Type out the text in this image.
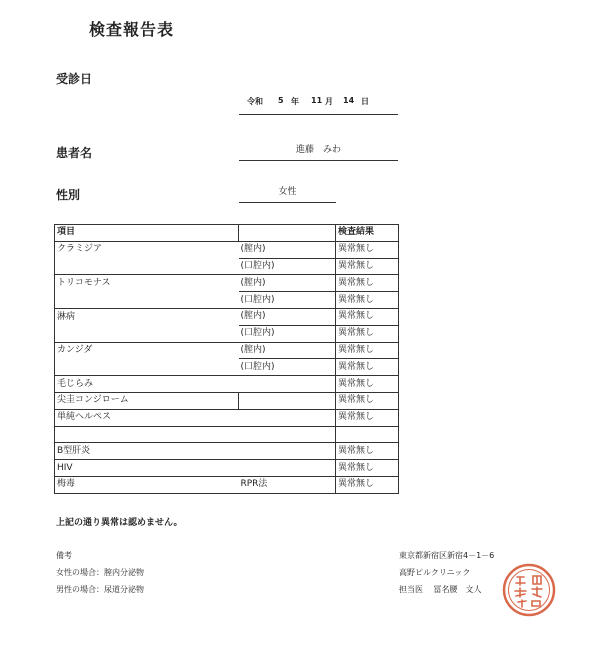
検査報告表
受診日
令和 5 年 11 月 14 日
患者名	進藤　みわ
性別	女性
項目		検査結果
クラミジア	(膣内)	異常無し
	(口腔内)	異常無し
トリコモナス	(膣内)	異常無し
	(口腔内)	異常無し
淋病	(膣内)	異常無し
	(口腔内)	異常無し
カンジダ	(膣内)	異常無し
	(口腔内)	異常無し
毛じらみ		異常無し
尖圭コンジローム		異常無し
単純ヘルペス		異常無し

B型肝炎		異常無し
HIV		異常無し
梅毒	RPR法	異常無し
上記の通り異常は認めません。
備考
女性の場合：膣内分泌物
男性の場合：尿道分泌物
東京都新宿区新宿4－1－6
高野ピルクリニック
担当医　 冨名腰　文人
